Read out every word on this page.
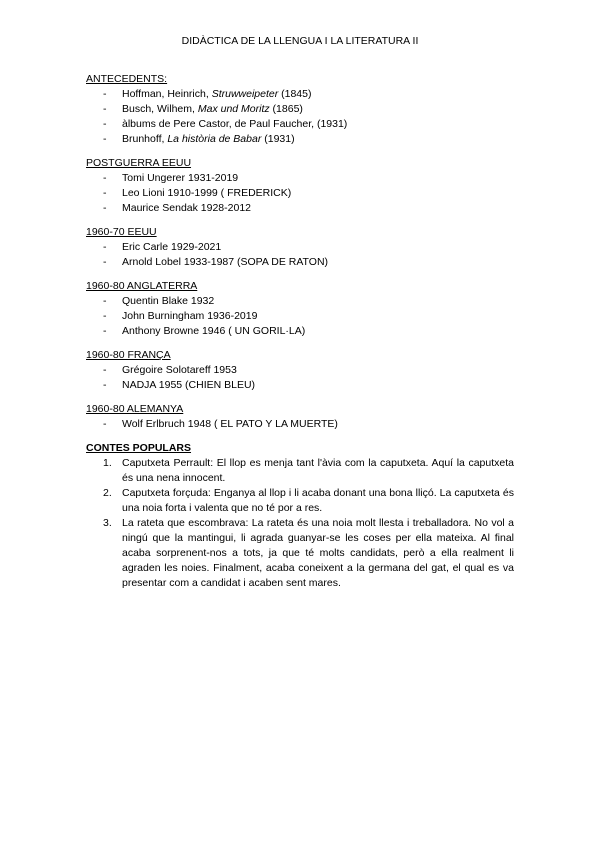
DIDÀCTICA DE LA LLENGUA I LA LITERATURA II
ANTECEDENTS:
- Hoffman, Heinrich, Struwweipeter (1845)
- Busch, Wilhem, Max und Moritz (1865)
- àlbums de Pere Castor, de Paul Faucher, (1931)
- Brunhoff, La història de Babar (1931)
POSTGUERRA EEUU
- Tomi Ungerer 1931-2019
- Leo Lioni 1910-1999 ( FREDERICK)
- Maurice Sendak 1928-2012
1960-70 EEUU
- Eric Carle 1929-2021
- Arnold Lobel 1933-1987 (SOPA DE RATON)
1960-80 ANGLATERRA
- Quentin Blake 1932
- John Burningham 1936-2019
- Anthony Browne 1946 ( UN GORIL·LA)
1960-80 FRANÇA
- Grégoire Solotareff 1953
- NADJA 1955 (CHIEN BLEU)
1960-80 ALEMANYA
- Wolf Erlbruch 1948 ( EL PATO Y LA MUERTE)
CONTES POPULARS
1. Caputxeta Perrault: El llop es menja tant l'àvia com la caputxeta. Aquí la caputxeta és una nena innocent.
2. Caputxeta forçuda: Enganya al llop i li acaba donant una bona lliçó. La caputxeta és una noia forta i valenta que no té por a res.
3. La rateta que escombrava: La rateta és una noia molt llesta i treballadora. No vol a ningú que la mantingui, li agrada guanyar-se les coses per ella mateixa. Al final acaba sorprenent-nos a tots, ja que té molts candidats, però a ella realment li agraden les noies. Finalment, acaba coneixent a la germana del gat, el qual es va presentar com a candidat i acaben sent mares.
